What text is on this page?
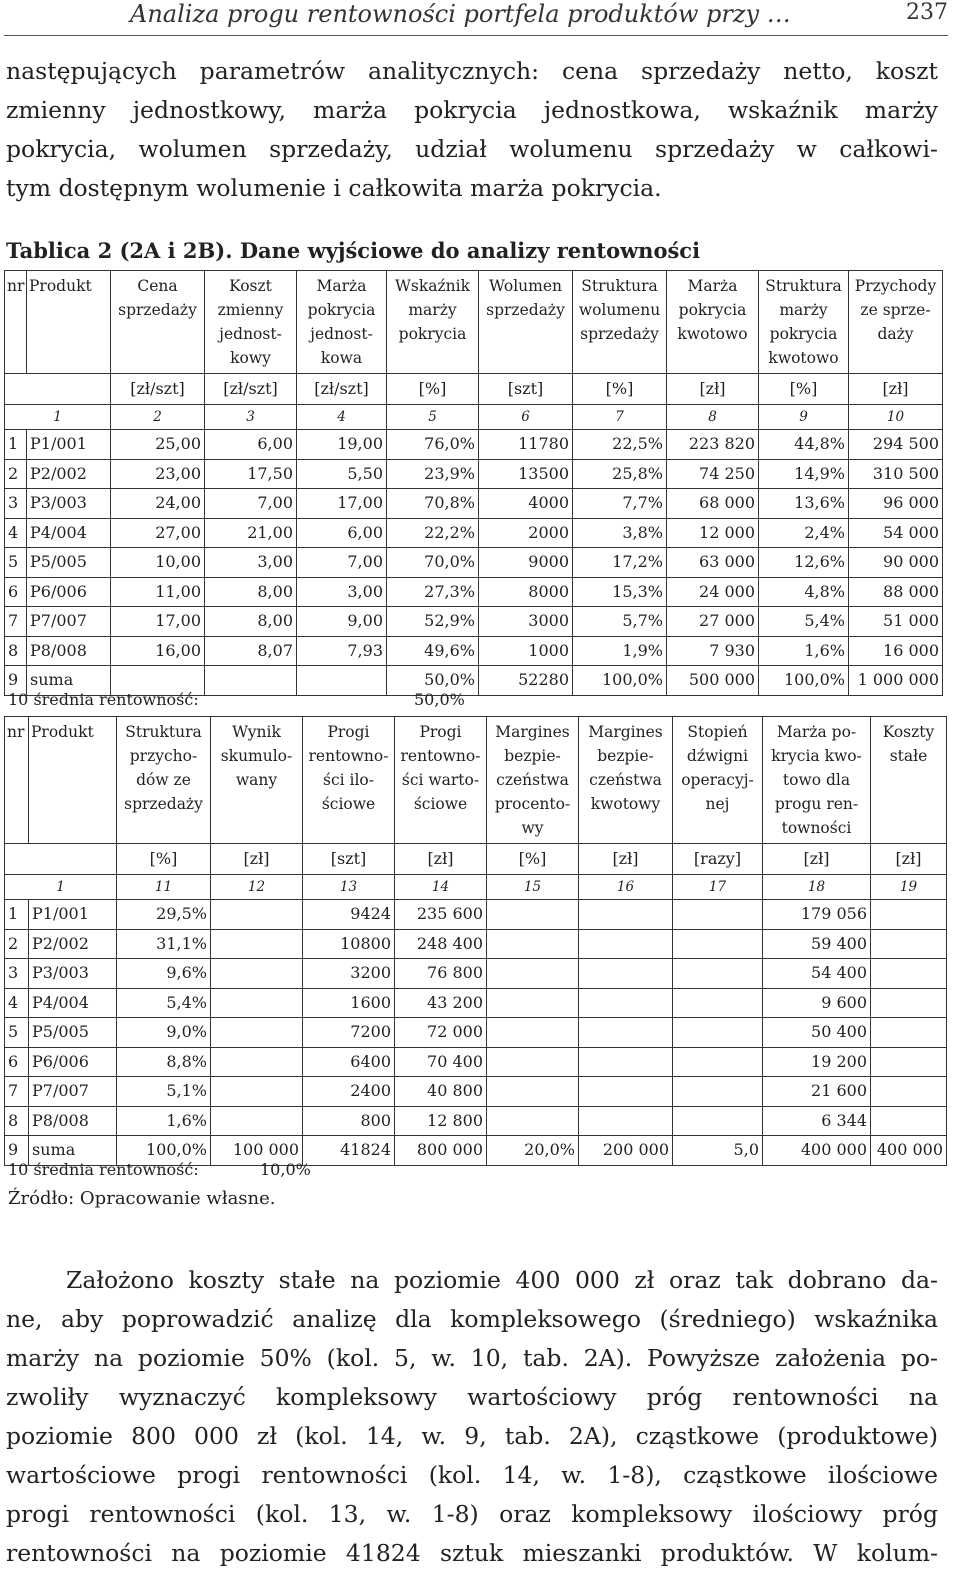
Analiza progu rentowności portfela produktów przy …	237
następujących parametrów analitycznych: cena sprzedaży netto, koszt
zmienny jednostkowy, marża pokrycia jednostkowa, wskaźnik marży
pokrycia, wolumen sprzedaży, udział wolumenu sprzedaży w całkowi-
tym dostępnym wolumenie i całkowita marża pokrycia.
Tablica 2 (2A i 2B). Dane wyjściowe do analizy rentowności
nr	Produkt	Cena sprzedaży	Koszt zmienny jednost- kowy	Marża pokrycia jednost- kowa	Wskaźnik marży pokrycia	Wolumen sprzedaży	Struktura wolumenu sprzedaży	Marża pokrycia kwotowo	Struktura marży pokrycia kwotowo	Przychody ze sprze- daży
		[zł/szt]	[zł/szt]	[zł/szt]	[%]	[szt]	[%]	[zł]	[%]	[zł]
1		2	3	4	5	6	7	8	9	10
1	P1/001	25,00	6,00	19,00	76,0%	11780	22,5%	223 820	44,8%	294 500
2	P2/002	23,00	17,50	5,50	23,9%	13500	25,8%	74 250	14,9%	310 500
3	P3/003	24,00	7,00	17,00	70,8%	4000	7,7%	68 000	13,6%	96 000
4	P4/004	27,00	21,00	6,00	22,2%	2000	3,8%	12 000	2,4%	54 000
5	P5/005	10,00	3,00	7,00	70,0%	9000	17,2%	63 000	12,6%	90 000
6	P6/006	11,00	8,00	3,00	27,3%	8000	15,3%	24 000	4,8%	88 000
7	P7/007	17,00	8,00	9,00	52,9%	3000	5,7%	27 000	5,4%	51 000
8	P8/008	16,00	8,07	7,93	49,6%	1000	1,9%	7 930	1,6%	16 000
9	suma				50,0%	52280	100,0%	500 000	100,0%	1 000 000
10 średnia rentowność:	50,0%
nr	Produkt	Struktura przycho- dów ze sprzedaży	Wynik skumulo- wany	Progi rentowno- ści ilo- ściowe	Progi rentowno- ści warto- ściowe	Margines bezpie- czeństwa procento- wy	Margines bezpie- czeństwa kwotowy	Stopień dźwigni operacyj- nej	Marża po- krycia kwo- towo dla progu ren- towności	Koszty stałe
		[%]	[zł]	[szt]	[zł]	[%]	[zł]	[razy]	[zł]	[zł]
1		11	12	13	14	15	16	17	18	19
1	P1/001	29,5%		9424	235 600				179 056	
2	P2/002	31,1%		10800	248 400				59 400	
3	P3/003	9,6%		3200	76 800				54 400	
4	P4/004	5,4%		1600	43 200				9 600	
5	P5/005	9,0%		7200	72 000				50 400	
6	P6/006	8,8%		6400	70 400				19 200	
7	P7/007	5,1%		2400	40 800				21 600	
8	P8/008	1,6%		800	12 800				6 344	
9	suma	100,0%	100 000	41824	800 000	20,0%	200 000	5,0	400 000	400 000
10 średnia rentowność:	10,0%
Źródło: Opracowanie własne.
Założono koszty stałe na poziomie 400 000 zł oraz tak dobrano da-
ne, aby poprowadzić analizę dla kompleksowego (średniego) wskaźnika
marży na poziomie 50% (kol. 5, w. 10, tab. 2A). Powyższe założenia po-
zwoliły wyznaczyć kompleksowy wartościowy próg rentowności na
poziomie 800 000 zł (kol. 14, w. 9, tab. 2A), cząstkowe (produktowe)
wartościowe progi rentowności (kol. 14, w. 1-8), cząstkowe ilościowe
progi rentowności (kol. 13, w. 1-8) oraz kompleksowy ilościowy próg
rentowności na poziomie 41824 sztuk mieszanki produktów. W kolum-
